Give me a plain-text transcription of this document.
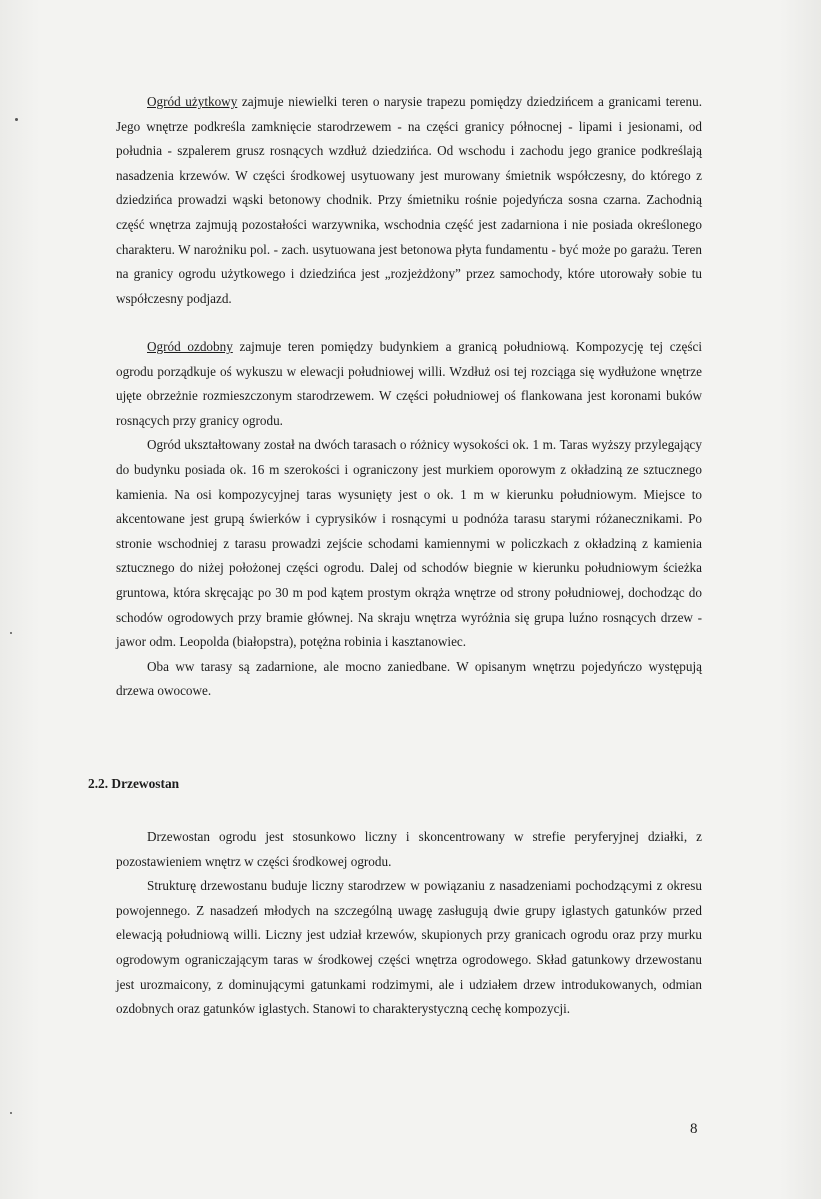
Ogród użytkowy zajmuje niewielki teren o narysie trapezu pomiędzy dziedzińcem a granicami terenu. Jego wnętrze podkreśla zamknięcie starodrzewem - na części granicy północnej - lipami i jesionami, od południa - szpalerem grusz rosnących wzdłuż dziedzińca. Od wschodu i zachodu jego granice podkreślają nasadzenia krzewów. W części środkowej usytuowany jest murowany śmietnik współczesny, do którego z dziedzińca prowadzi wąski betonowy chodnik. Przy śmietniku rośnie pojedyńcza sosna czarna. Zachodnią część wnętrza zajmują pozostałości warzywnika, wschodnia część jest zadarniona i nie posiada określonego charakteru. W narożniku pol. - zach. usytuowana jest betonowa płyta fundamentu - być może po garażu. Teren na granicy ogrodu użytkowego i dziedzińca jest „rozjeżdżony” przez samochody, które utorowały sobie tu współczesny podjazd.

Ogród ozdobny zajmuje teren pomiędzy budynkiem a granicą południową. Kompozycję tej części ogrodu porządkuje oś wykuszu w elewacji południowej willi. Wzdłuż osi tej rozciąga się wydłużone wnętrze ujęte obrzeżnie rozmieszczonym starodrzewem. W części południowej oś flankowana jest koronami buków rosnących przy granicy ogrodu.

Ogród ukształtowany został na dwóch tarasach o różnicy wysokości ok. 1 m. Taras wyższy przylegający do budynku posiada ok. 16 m szerokości i ograniczony jest murkiem oporowym z okładziną ze sztucznego kamienia. Na osi kompozycyjnej taras wysunięty jest o ok. 1 m w kierunku południowym. Miejsce to akcentowane jest grupą świerków i cyprysików i rosnącymi u podnóża tarasu starymi różanecznikami. Po stronie wschodniej z tarasu prowadzi zejście schodami kamiennymi w policzkach z okładziną z kamienia sztucznego do niżej położonej części ogrodu. Dalej od schodów biegnie w kierunku południowym ścieżka gruntowa, która skręcając po 30 m pod kątem prostym okrąża wnętrze od strony południowej, dochodząc do schodów ogrodowych przy bramie głównej. Na skraju wnętrza wyróżnia się grupa luźno rosnących drzew - jawor odm. Leopolda (białopstra), potężna robinia i kasztanowiec.

Oba ww tarasy są zadarnione, ale mocno zaniedbane. W opisanym wnętrzu pojedyńczo występują drzewa owocowe.

2.2. Drzewostan

Drzewostan ogrodu jest stosunkowo liczny i skoncentrowany w strefie peryferyjnej działki, z pozostawieniem wnętrz w części środkowej ogrodu.

Strukturę drzewostanu buduje liczny starodrzew w powiązaniu z nasadzeniami pochodzącymi z okresu powojennego. Z nasadzeń młodych na szczególną uwagę zasługują dwie grupy iglastych gatunków przed elewacją południową willi. Liczny jest udział krzewów, skupionych przy granicach ogrodu oraz przy murku ogrodowym ograniczającym taras w środkowej części wnętrza ogrodowego. Skład gatunkowy drzewostanu jest urozmaicony, z dominującymi gatunkami rodzimymi, ale i udziałem drzew introdukowanych, odmian ozdobnych oraz gatunków iglastych. Stanowi to charakterystyczną cechę kompozycji.

8
